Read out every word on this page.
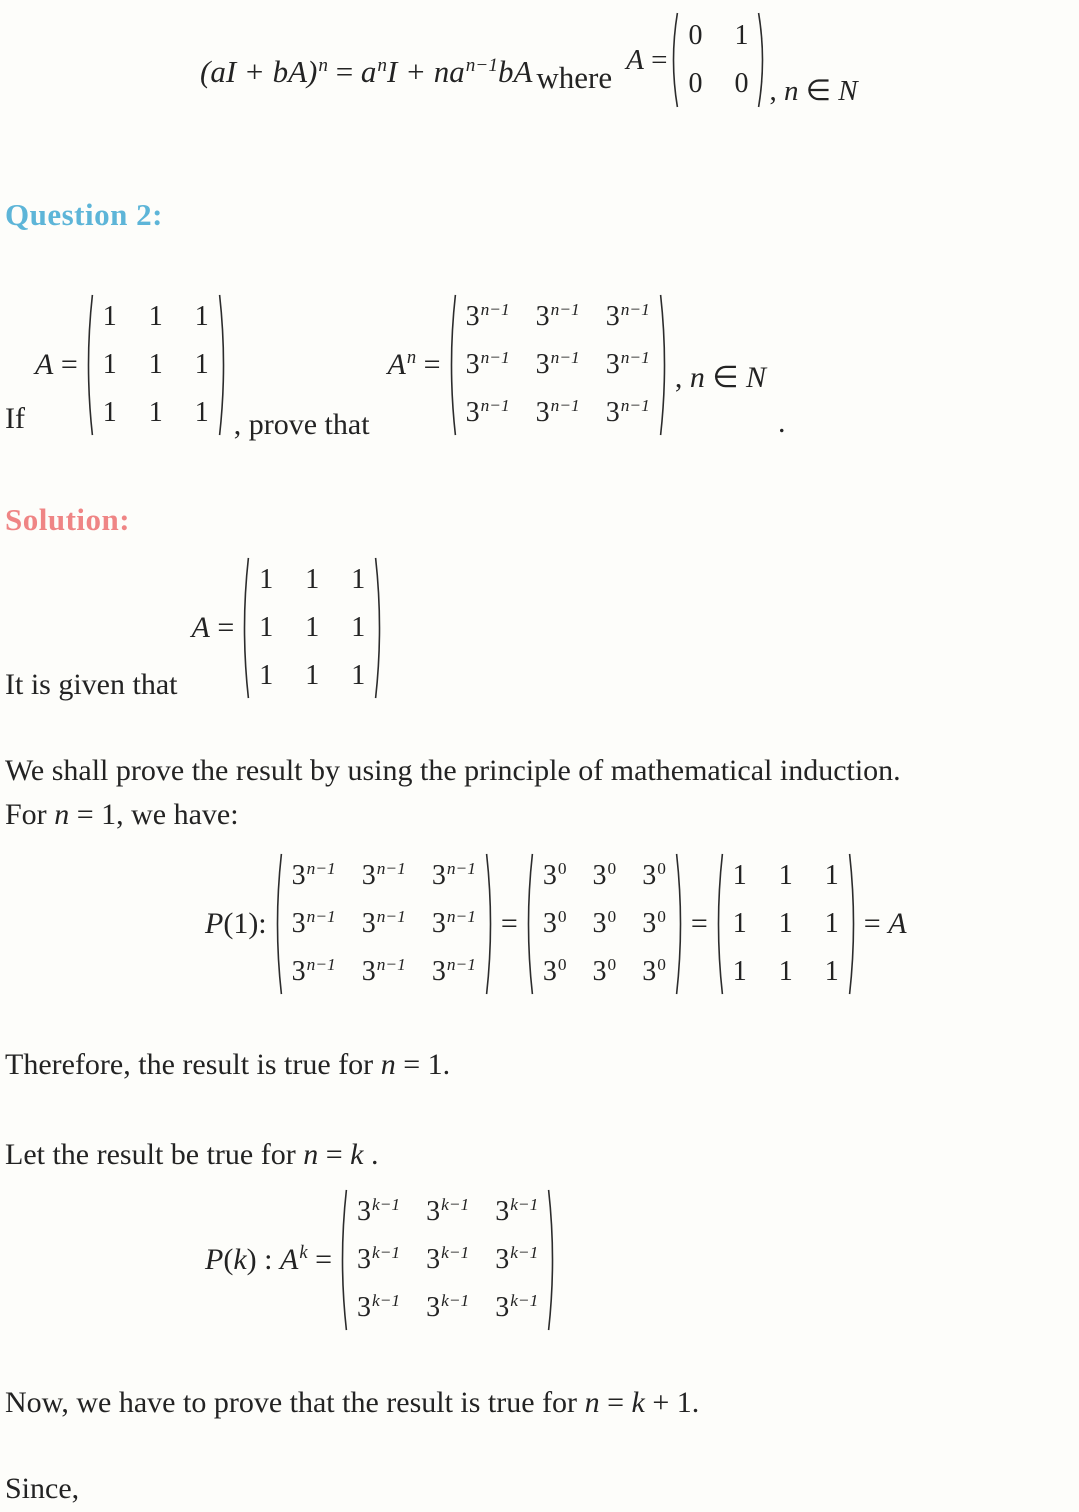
$(aI + bA)^n = a^nI + na^{n-1}bA$ where
A =
0 1
0 0 , n ∈ N
Question 2:
If
A =
1 1 1
1 1 1
1 1 1 , prove that
$A^n$ =
$3^{n-1}$ $3^{n-1}$ $3^{n-1}$
$3^{n-1}$ $3^{n-1}$ $3^{n-1}$
$3^{n-1}$ $3^{n-1}$ $3^{n-1}$
, n ∈ N
.
Solution:
It is given that
A =
1 1 1
1 1 1
1 1 1

We shall prove the result by using the principle of mathematical induction.

For n = 1, we have:

P(1):
$3^{n-1}$ $3^{n-1}$ $3^{n-1}$
$3^{n-1}$ $3^{n-1}$ $3^{n-1}$
$3^{n-1}$ $3^{n-1}$ $3^{n-1}$
=
$3^0$ $3^0$ $3^0$
$3^0$ $3^0$ $3^0$
$3^0$ $3^0$ $3^0$
=
1 1 1
1 1 1
1 1 1
= A

Therefore, the result is true for n = 1.

Let the result be true for n = k .

P(k) : $A^k$ =
$3^{k-1}$ $3^{k-1}$ $3^{k-1}$
$3^{k-1}$ $3^{k-1}$ $3^{k-1}$
$3^{k-1}$ $3^{k-1}$ $3^{k-1}$

Now, we have to prove that the result is true for n = k + 1.

Since,
